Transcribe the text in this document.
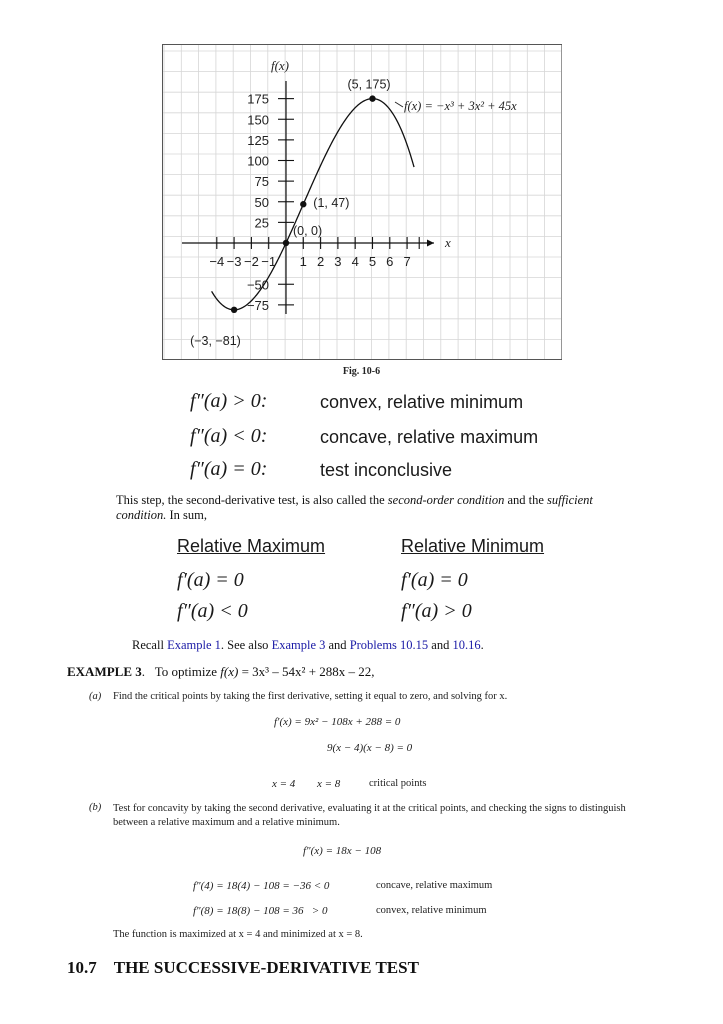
−4 −3 −2 −1 1 2 3 4 5 6 7
175
150
125
100
75
50
25
−50
−75
f(x)
x
f(x) = −x³ + 3x² + 45x
(5, 175)
(1, 47)
(0, 0)
(−3, −81)
Fig. 10-6
f″(a) > 0:	convex, relative minimum
f″(a) < 0:	concave, relative maximum
f″(a) = 0:	test inconclusive
This step, the second-derivative test, is also called the second-order condition and the sufficient
condition. In sum,
Relative Maximum	Relative Minimum
f′(a) = 0	f′(a) = 0
f″(a) < 0	f″(a) > 0
Recall Example 1. See also Example 3 and Problems 10.15 and 10.16.
EXAMPLE 3. To optimize f(x) = 3x³ – 54x² + 288x – 22,
(a) Find the critical points by taking the first derivative, setting it equal to zero, and solving for x.
f′(x) = 9x² − 108x + 288 = 0
9(x − 4)(x − 8) = 0
x = 4 x = 8	critical points
(b) Test for concavity by taking the second derivative, evaluating it at the critical points, and checking the signs to distinguish between a relative maximum and a relative minimum.
f″(x) = 18x − 108
f″(4) = 18(4) − 108 = −36 < 0	concave, relative maximum
f″(8) = 18(8) − 108 = 36   > 0	convex, relative minimum
The function is maximized at x = 4 and minimized at x = 8.
10.7 THE SUCCESSIVE-DERIVATIVE TEST
